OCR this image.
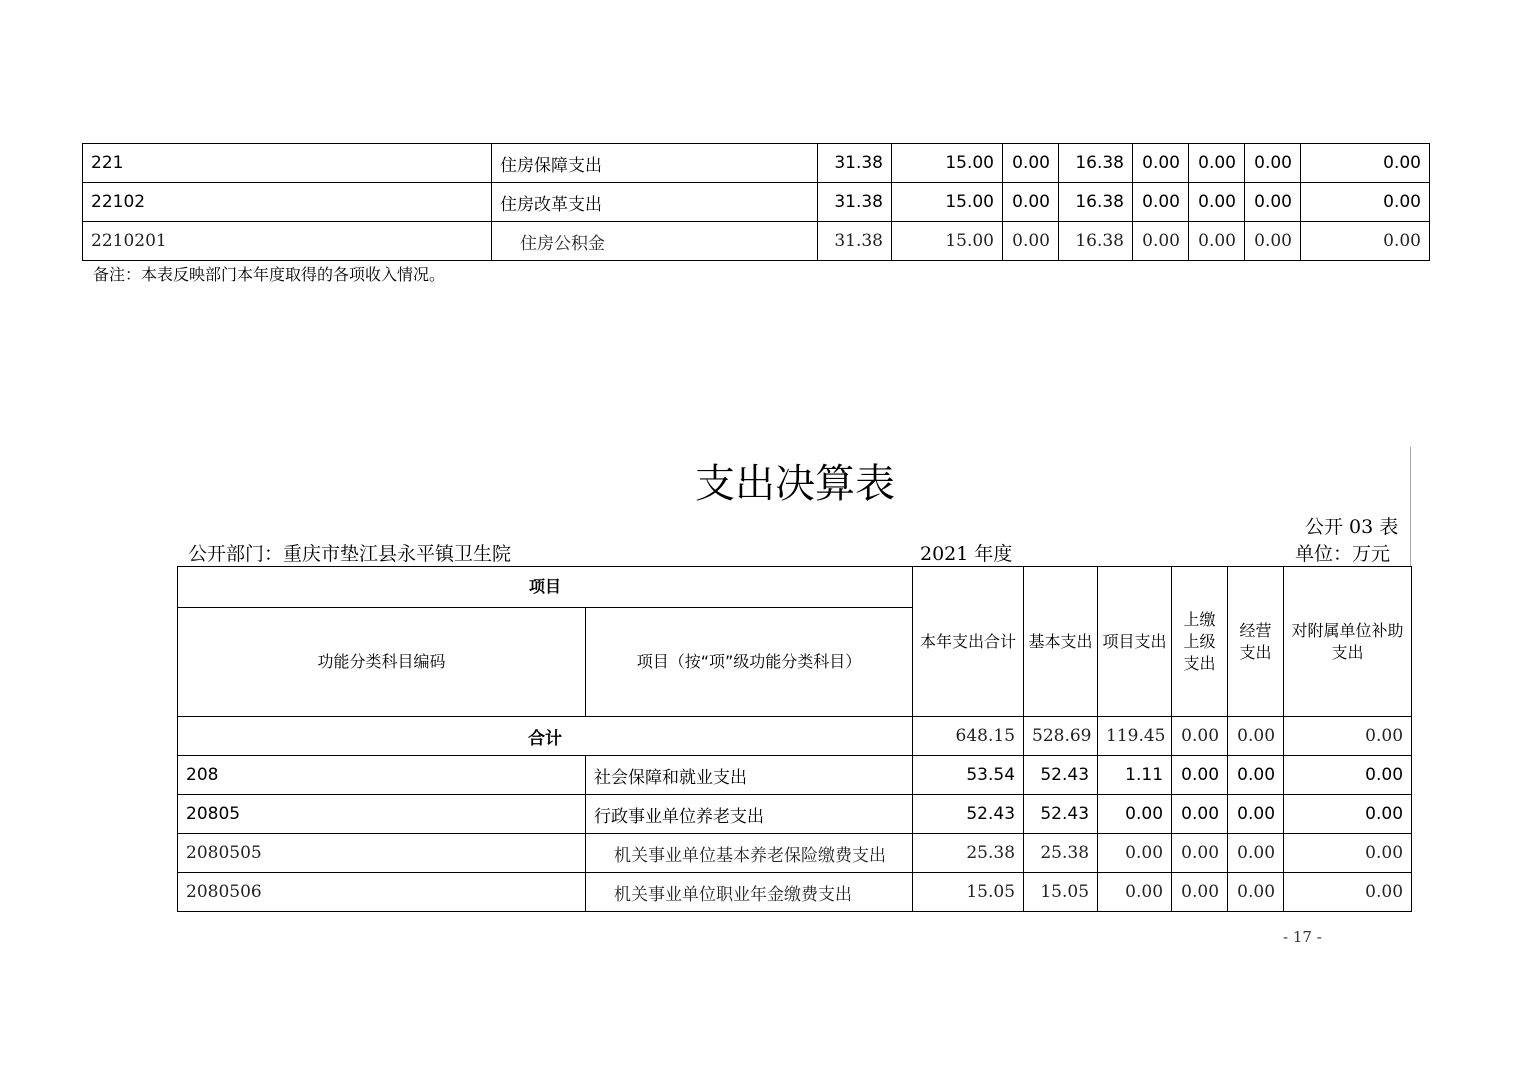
221	住房保障支出	31.38	15.00	0.00	16.38	0.00	0.00	0.00	0.00
22102	住房改革支出	31.38	15.00	0.00	16.38	0.00	0.00	0.00	0.00
2210201	住房公积金	31.38	15.00	0.00	16.38	0.00	0.00	0.00	0.00
备注：本表反映部门本年度取得的各项收入情况。
支出决算表
公开 03 表
公开部门：重庆市垫江县永平镇卫生院	2021 年度	单位：万元
项目		本年支出合计	基本支出	项目支出	上缴上级支出	经营支出	对附属单位补助支出
功能分类科目编码	项目（按“项”级功能分类科目）						
合计		648.15	528.69	119.45	0.00	0.00	0.00
208	社会保障和就业支出	53.54	52.43	1.11	0.00	0.00	0.00
20805	行政事业单位养老支出	52.43	52.43	0.00	0.00	0.00	0.00
2080505	机关事业单位基本养老保险缴费支出	25.38	25.38	0.00	0.00	0.00	0.00
2080506	机关事业单位职业年金缴费支出	15.05	15.05	0.00	0.00	0.00	0.00
- 17 -
